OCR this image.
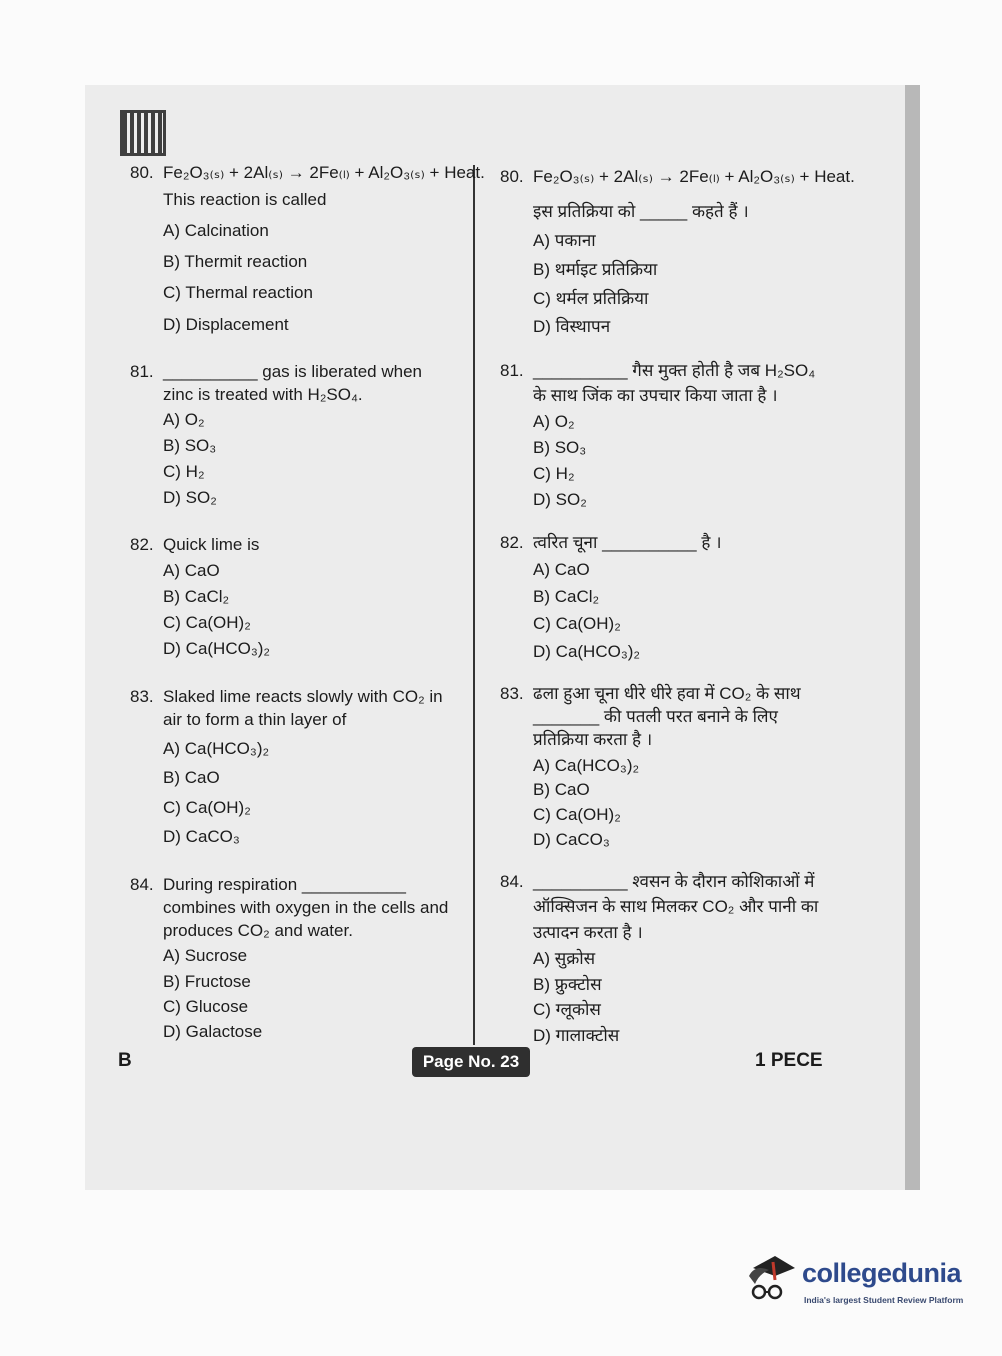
80. Fe₂O₃₍ₛ₎ + 2Al₍ₛ₎ → 2Fe₍ₗ₎ + Al₂O₃₍ₛ₎ + Heat.
This reaction is called
A) Calcination
B) Thermit reaction
C) Thermal reaction
D) Displacement
81. __________ gas is liberated when
zinc is treated with H₂SO₄.
A) O₂
B) SO₃
C) H₂
D) SO₂
82. Quick lime is
A) CaO
B) CaCl₂
C) Ca(OH)₂
D) Ca(HCO₃)₂
83. Slaked lime reacts slowly with CO₂ in
air to form a thin layer of
A) Ca(HCO₃)₂
B) CaO
C) Ca(OH)₂
D) CaCO₃
84. During respiration ___________
combines with oxygen in the cells and
produces CO₂ and water.
A) Sucrose
B) Fructose
C) Glucose
D) Galactose
80. Fe₂O₃₍ₛ₎ + 2Al₍ₛ₎ → 2Fe₍ₗ₎ + Al₂O₃₍ₛ₎ + Heat.
इस प्रतिक्रिया को _____ कहते हैं ।
A) पकाना
B) थर्माइट प्रतिक्रिया
C) थर्मल प्रतिक्रिया
D) विस्थापन
81. __________ गैस मुक्त होती है जब H₂SO₄
के साथ जिंक का उपचार किया जाता है ।
A) O₂
B) SO₃
C) H₂
D) SO₂
82. त्वरित चूना __________ है ।
A) CaO
B) CaCl₂
C) Ca(OH)₂
D) Ca(HCO₃)₂
83. ढला हुआ चूना धीरे धीरे हवा में CO₂ के साथ
_______ की पतली परत बनाने के लिए
प्रतिक्रिया करता है ।
A) Ca(HCO₃)₂
B) CaO
C) Ca(OH)₂
D) CaCO₃
84. __________ श्वसन के दौरान कोशिकाओं में
ऑक्सिजन के साथ मिलकर CO₂ और पानी का
उत्पादन करता है ।
A) सुक्रोस
B) फ्रुक्टोस
C) ग्लूकोस
D) गालाक्टोस
B	Page No. 23	1 PECE
collegedunia
India's largest Student Review Platform
